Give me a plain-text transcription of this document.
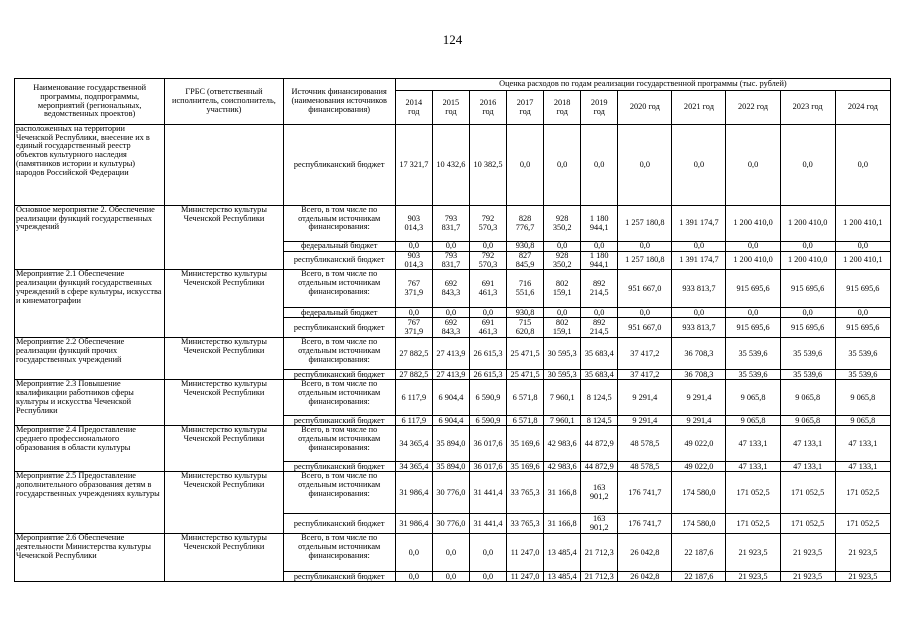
124
Наименование государственной программы, подпрограммы, мероприятий (региональных, ведомственных проектов)	ГРБС (ответственный исполнитель, соисполнитель, участник)	Источник финансирования (наименования источников финансирования)	Оценка расходов по годам реализации государственной программы (тыс. рублей)										
			2014
год	2015
год	2016
год	2017
год	2018
год	2019
год	2020 год	2021 год	2022 год	2023 год	2024 год
расположенных на территории Чеченской Республики, внесение их в единый государственный реестр объектов культурного наследия (памятников истории и культуры) народов Российской Федерации		республиканский бюджет	17 321,7	10 432,6	10 382,5	0,0	0,0	0,0	0,0	0,0	0,0	0,0	0,0
Основное мероприятие 2. Обеспечение реализации функций государственных учреждений	Министерство культуры Чеченской Республики	Всего, в том числе по отдельным источникам финансирования:	903
014,3	793
831,7	792
570,3	828
776,7	928
350,2	1 180
944,1	1 257 180,8	1 391 174,7	1 200 410,0	1 200 410,0	1 200 410,1
		федеральный бюджет	0,0	0,0	0,0	930,8	0,0	0,0	0,0	0,0	0,0	0,0	0,0
		республиканский бюджет	903
014,3	793
831,7	792
570,3	827
845,9	928
350,2	1 180
944,1	1 257 180,8	1 391 174,7	1 200 410,0	1 200 410,0	1 200 410,1
Мероприятие 2.1 Обеспечение реализации функций государственных учреждений в сфере культуры, искусства и кинематографии	Министерство культуры Чеченской Республики	Всего, в том числе по отдельным источникам финансирования:	767
371,9	692
843,3	691
461,3	716
551,6	802
159,1	892
214,5	951 667,0	933 813,7	915 695,6	915 695,6	915 695,6
		федеральный бюджет	0,0	0,0	0,0	930,8	0,0	0,0	0,0	0,0	0,0	0,0	0,0
		республиканский бюджет	767
371,9	692
843,3	691
461,3	715
620,8	802
159,1	892
214,5	951 667,0	933 813,7	915 695,6	915 695,6	915 695,6
Мероприятие 2.2 Обеспечение реализации функций прочих государственных учреждений	Министерство культуры Чеченской Республики	Всего, в том числе по отдельным источникам финансирования:	27 882,5	27 413,9	26 615,3	25 471,5	30 595,3	35 683,4	37 417,2	36 708,3	35 539,6	35 539,6	35 539,6
		республиканский бюджет	27 882,5	27 413,9	26 615,3	25 471,5	30 595,3	35 683,4	37 417,2	36 708,3	35 539,6	35 539,6	35 539,6
Мероприятие 2.3 Повышение квалификации работников сферы культуры и искусства Чеченской Республики	Министерство культуры Чеченской Республики	Всего, в том числе по отдельным источникам финансирования:	6 117,9	6 904,4	6 590,9	6 571,8	7 960,1	8 124,5	9 291,4	9 291,4	9 065,8	9 065,8	9 065,8
		республиканский бюджет	6 117,9	6 904,4	6 590,9	6 571,8	7 960,1	8 124,5	9 291,4	9 291,4	9 065,8	9 065,8	9 065,8
Мероприятие 2.4 Предоставление среднего профессионального образования в области культуры	Министерство культуры Чеченской Республики	Всего, в том числе по отдельным источникам финансирования:	34 365,4	35 894,0	36 017,6	35 169,6	42 983,6	44 872,9	48 578,5	49 022,0	47 133,1	47 133,1	47 133,1
		республиканский бюджет	34 365,4	35 894,0	36 017,6	35 169,6	42 983,6	44 872,9	48 578,5	49 022,0	47 133,1	47 133,1	47 133,1
Мероприятие 2.5 Предоставление дополнительного образования детям в государственных учреждениях культуры	Министерство культуры Чеченской Республики	Всего, в том числе по отдельным источникам финансирования:	31 986,4	30 776,0	31 441,4	33 765,3	31 166,8	163
901,2	176 741,7	174 580,0	171 052,5	171 052,5	171 052,5
		республиканский бюджет	31 986,4	30 776,0	31 441,4	33 765,3	31 166,8	163
901,2	176 741,7	174 580,0	171 052,5	171 052,5	171 052,5
Мероприятие 2.6 Обеспечение деятельности Министерства культуры Чеченской Республики	Министерство культуры Чеченской Республики	Всего, в том числе по отдельным источникам финансирования:	0,0	0,0	0,0	11 247,0	13 485,4	21 712,3	26 042,8	22 187,6	21 923,5	21 923,5	21 923,5
		республиканский бюджет	0,0	0,0	0,0	11 247,0	13 485,4	21 712,3	26 042,8	22 187,6	21 923,5	21 923,5	21 923,5
